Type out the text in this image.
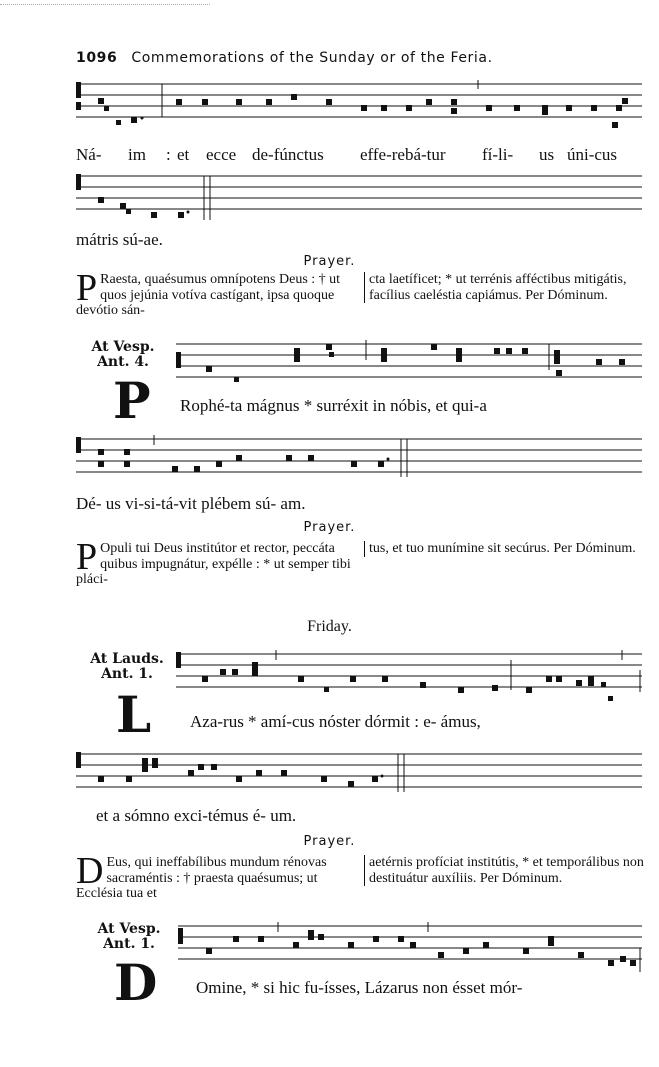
1096 Commemorations of the Sunday or of the Feria.
Ná- im : et ecce de-fúnctus effe-rebá-tur fí-li- us úni-cus
mátris sú-ae.
Prayer.
P Raesta, quaésumus omnípotens Deus : † ut quos jejúnia votíva castígant, ipsa quoque devótio sán-
cta laetíficet; * ut terrénis afféctibus mitigátis, facílius caeléstia capiámus. Per Dóminum.
At Vesp.
Ant. 4.
P Rophé-ta mágnus * surréxit in nóbis, et qui-a
Dé- us vi-si-tá-vit plébem sú- am.
Prayer.
P Opuli tui Deus institútor et rector, peccáta quibus impugnátur, expélle : * ut semper tibi pláci-
tus, et tuo munímine sit secúrus. Per Dóminum.
Friday.
At Lauds.
Ant. 1.
L Aza-rus * amí-cus nóster dórmit : e- ámus,
et a sómno exci-témus é- um.
Prayer.
D Eus, qui ineffabílibus mundum rénovas sacraméntis : † praesta quaésumus; ut Ecclésia tua et
aetérnis profíciat institútis, * et temporálibus non destituátur auxíliis. Per Dóminum.
At Vesp.
Ant. 1.
D Omine, * si hic fu-ísses, Lázarus non ésset mór-
